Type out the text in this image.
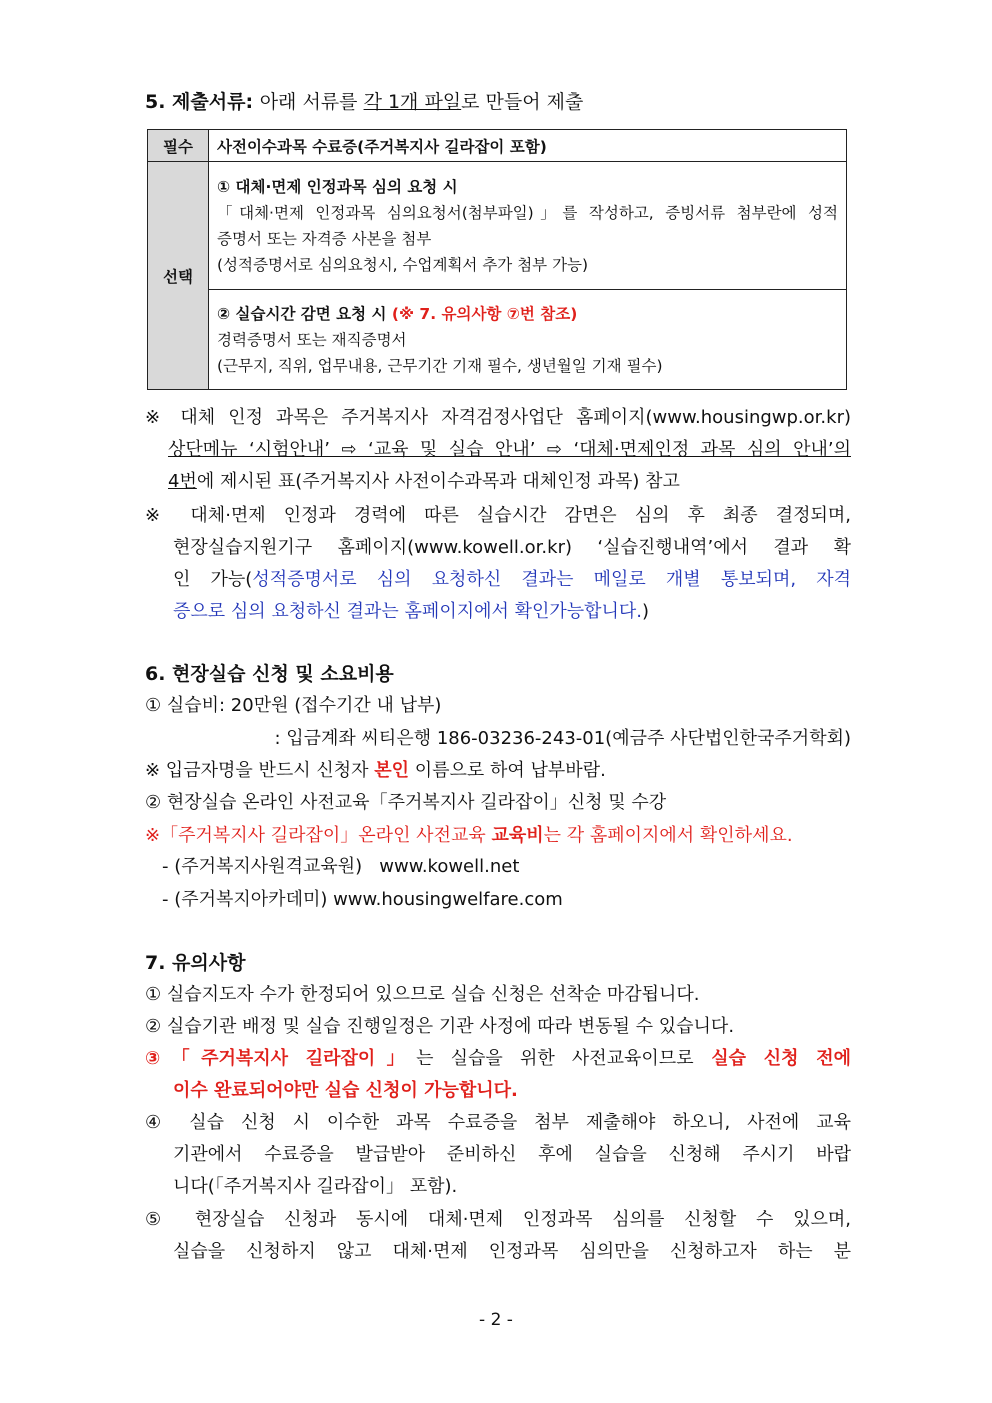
5. 제출서류: 아래 서류를 각 1개 파일로 만들어 제출
필수	사전이수과목 수료증(주거복지사 길라잡이 포함)
선택	① 대체·면제 인정과목 심의 요청 시
「대체·면제 인정과목 심의요청서(첨부파일)」를 작성하고, 증빙서류 첨부란에 성적
증명서 또는 자격증 사본을 첨부
(성적증명서로 심의요청시, 수업계획서 추가 첨부 가능)

	② 실습시간 감면 요청 시 (※ 7. 유의사항 ⑦번 참조)
경력증명서 또는 재직증명서
(근무지, 직위, 업무내용, 근무기간 기재 필수, 생년월일 기재 필수)
※ 대체 인정 과목은 주거복지사 자격검정사업단 홈페이지(www.housingwp.or.kr)
상단메뉴 ‘시험안내’ ⇨ ‘교육 및 실습 안내’ ⇨ ‘대체·면제인정 과목 심의 안내’의
4번에 제시된 표(주거복지사 사전이수과목과 대체인정 과목) 참고
※ 대체·면제 인정과 경력에 따른 실습시간 감면은 심의 후 최종 결정되며,
현장실습지원기구 홈페이지(www.kowell.or.kr) ‘실습진행내역’에서 결과 확
인 가능(성적증명서로 심의 요청하신 결과는 메일로 개별 통보되며, 자격
증으로 심의 요청하신 결과는 홈페이지에서 확인가능합니다.)
6. 현장실습 신청 및 소요비용
① 실습비: 20만원 (접수기간 내 납부)
: 입금계좌 씨티은행 186-03236-243-01(예금주 사단법인한국주거학회)
※ 입금자명을 반드시 신청자 본인 이름으로 하여 납부바람.
② 현장실습 온라인 사전교육「주거복지사 길라잡이」신청 및 수강
※「주거복지사 길라잡이」온라인 사전교육 교육비는 각 홈페이지에서 확인하세요.
- (주거복지사원격교육원)   www.kowell.net
- (주거복지아카데미) www.housingwelfare.com
7. 유의사항
① 실습지도자 수가 한정되어 있으므로 실습 신청은 선착순 마감됩니다.
② 실습기관 배정 및 실습 진행일정은 기관 사정에 따라 변동될 수 있습니다.
③「주거복지사 길라잡이」는 실습을 위한 사전교육이므로 실습 신청 전에
이수 완료되어야만 실습 신청이 가능합니다.
④ 실습 신청 시 이수한 과목 수료증을 첨부 제출해야 하오니, 사전에 교육
기관에서 수료증을 발급받아 준비하신 후에 실습을 신청해 주시기 바랍
니다(「주거복지사 길라잡이」 포함).
⑤ 현장실습 신청과 동시에 대체·면제 인정과목 심의를 신청할 수 있으며,
실습을 신청하지 않고 대체·면제 인정과목 심의만을 신청하고자 하는 분
- 2 -
